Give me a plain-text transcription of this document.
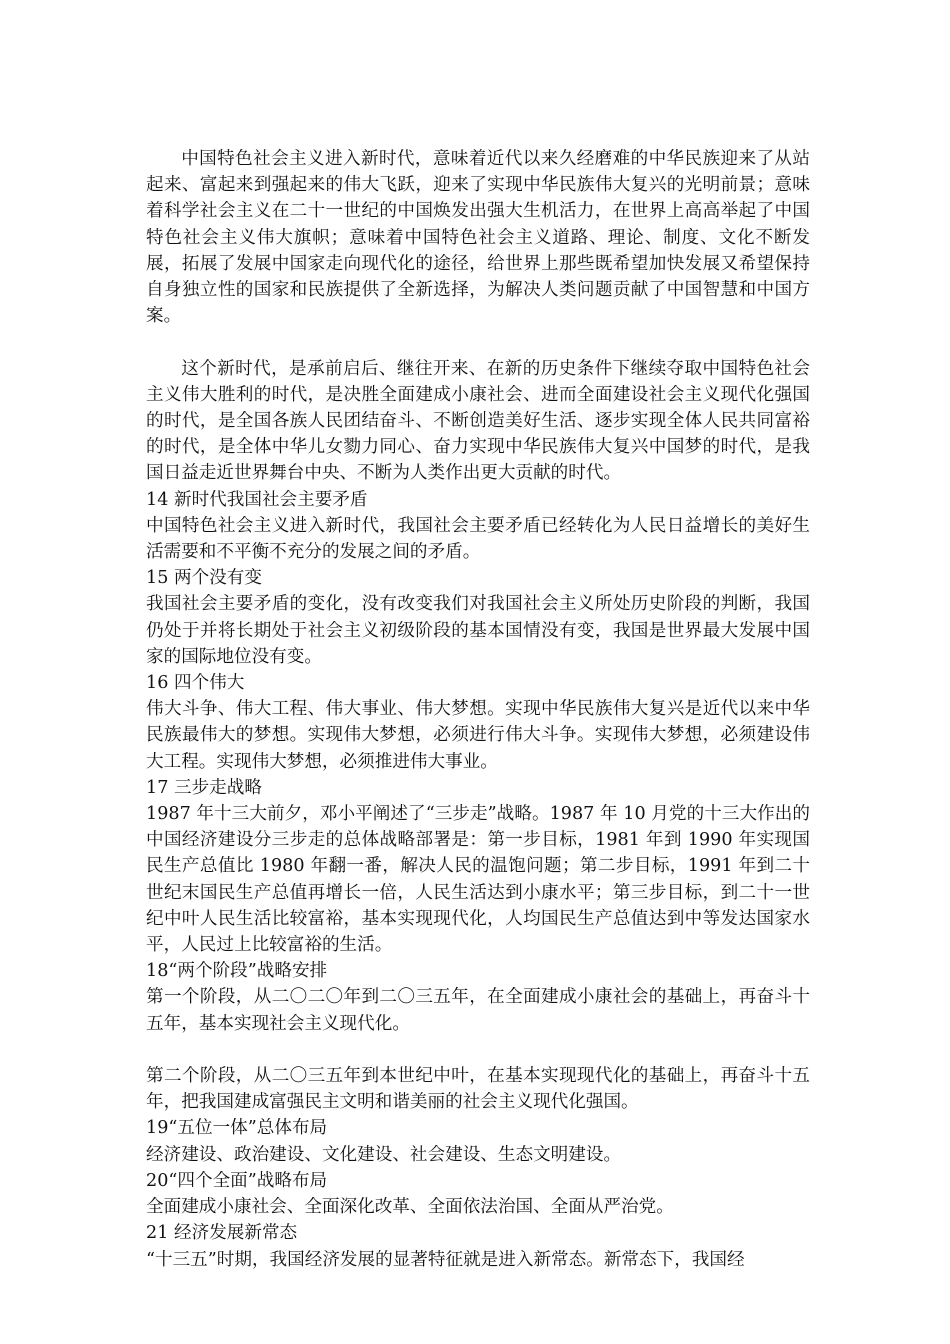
中国特色社会主义进入新时代，意味着近代以来久经磨难的中华民族迎来了从站起来、富起来到强起来的伟大飞跃，迎来了实现中华民族伟大复兴的光明前景；意味着科学社会主义在二十一世纪的中国焕发出强大生机活力，在世界上高高举起了中国特色社会主义伟大旗帜；意味着中国特色社会主义道路、理论、制度、文化不断发展，拓展了发展中国家走向现代化的途径，给世界上那些既希望加快发展又希望保持自身独立性的国家和民族提供了全新选择，为解决人类问题贡献了中国智慧和中国方案。

这个新时代，是承前启后、继往开来、在新的历史条件下继续夺取中国特色社会主义伟大胜利的时代，是决胜全面建成小康社会、进而全面建设社会主义现代化强国的时代，是全国各族人民团结奋斗、不断创造美好生活、逐步实现全体人民共同富裕的时代，是全体中华儿女勠力同心、奋力实现中华民族伟大复兴中国梦的时代，是我国日益走近世界舞台中央、不断为人类作出更大贡献的时代。

14 新时代我国社会主要矛盾

中国特色社会主义进入新时代，我国社会主要矛盾已经转化为人民日益增长的美好生活需要和不平衡不充分的发展之间的矛盾。

15 两个没有变

我国社会主要矛盾的变化，没有改变我们对我国社会主义所处历史阶段的判断，我国仍处于并将长期处于社会主义初级阶段的基本国情没有变，我国是世界最大发展中国家的国际地位没有变。

16 四个伟大

伟大斗争、伟大工程、伟大事业、伟大梦想。实现中华民族伟大复兴是近代以来中华民族最伟大的梦想。实现伟大梦想，必须进行伟大斗争。实现伟大梦想，必须建设伟大工程。实现伟大梦想，必须推进伟大事业。

17 三步走战略

1987 年十三大前夕，邓小平阐述了“三步走”战略。1987 年 10 月党的十三大作出的中国经济建设分三步走的总体战略部署是：第一步目标，1981 年到 1990 年实现国民生产总值比 1980 年翻一番，解决人民的温饱问题；第二步目标，1991 年到二十世纪末国民生产总值再增长一倍，人民生活达到小康水平；第三步目标，到二十一世纪中叶人民生活比较富裕，基本实现现代化，人均国民生产总值达到中等发达国家水平，人民过上比较富裕的生活。

18“两个阶段”战略安排

第一个阶段，从二〇二〇年到二〇三五年，在全面建成小康社会的基础上，再奋斗十五年，基本实现社会主义现代化。

第二个阶段，从二〇三五年到本世纪中叶，在基本实现现代化的基础上，再奋斗十五年，把我国建成富强民主文明和谐美丽的社会主义现代化强国。

19“五位一体”总体布局

经济建设、政治建设、文化建设、社会建设、生态文明建设。

20“四个全面”战略布局

全面建成小康社会、全面深化改革、全面依法治国、全面从严治党。

21 经济发展新常态

“十三五”时期，我国经济发展的显著特征就是进入新常态。新常态下，我国经
